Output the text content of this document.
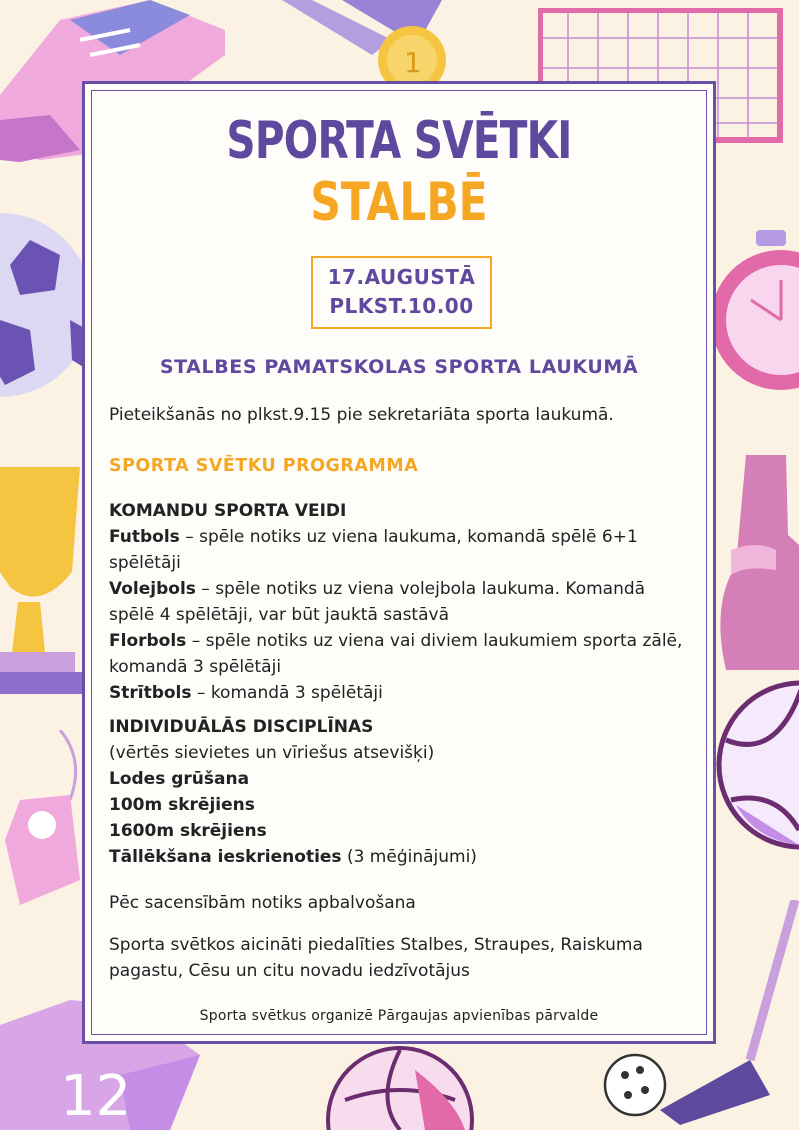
1
12
SPORTA SVĒTKI
STALBĒ
17.AUGUSTĀ
PLKST.10.00
STALBES PAMATSKOLAS SPORTA LAUKUMĀ
Pieteikšanās no plkst.9.15 pie sekretariāta sporta laukumā.
SPORTA SVĒTKU PROGRAMMA
KOMANDU SPORTA VEIDI
Futbols – spēle notiks uz viena laukuma, komandā spēlē 6+1 spēlētāji
Volejbols – spēle notiks uz viena volejbola laukuma. Komandā spēlē 4 spēlētāji, var būt jauktā sastāvā
Florbols – spēle notiks uz viena vai diviem laukumiem sporta zālē, komandā 3 spēlētāji
Strītbols – komandā 3 spēlētāji
INDIVIDUĀLĀS DISCIPLĪNAS
(vērtēs sievietes un vīriešus atsevišķi)
Lodes grūšana
100m skrējiens
1600m skrējiens
Tāllēkšana ieskrienoties (3 mēģinājumi)
Pēc sacensībām notiks apbalvošana
Sporta svētkos aicināti piedalīties Stalbes, Straupes, Raiskuma pagastu, Cēsu un citu novadu iedzīvotājus
Sporta svētkus organizē Pārgaujas apvienības pārvalde
